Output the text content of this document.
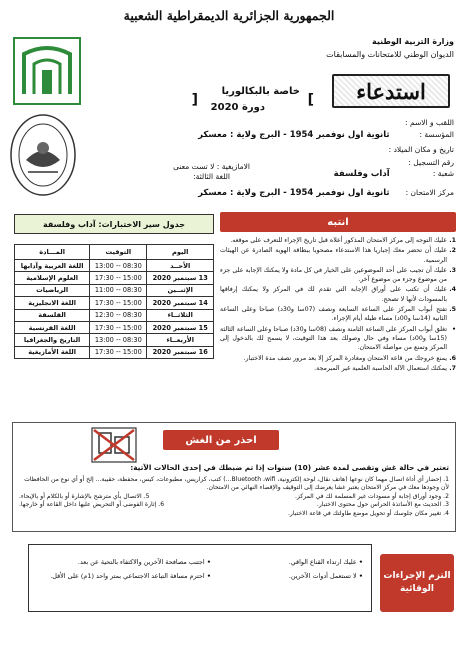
الجمهورية الجزائرية الديمقراطية الشعبية
وزارة التربية الوطنية
الديوان الوطني للامتحانات والمسابقات
استدعاء
]
خاصة بالبكالوريا
دورة 2020
[
اللقب و الاسم :
المؤسسة : ثانوية اول نوفمبر 1954 - البرج ولاية : معسكر
تاريخ و مكان الميلاد :
رقم التسجيل :
شعبة : آداب وفلسفة
الامازيغية : لا تست معنى
اللغة الثالثة:
مركز الامتحان : ثانوية اول نوفمبر 1954 - البرج ولاية : معسكر
جدول سير الاختبارات: آداب وفلسفة
اليوم	التوقيت	المـــادة
الأحــد	08:30 -- 13:00	اللغة العربية وآدابها
13 سبتمبر 2020	15:00 -- 17:30	العلوم الإسلامية
الإثنــين	08:30 -- 11:00	الرياضيات
14 سبتمبر 2020	15:00 -- 17:30	اللغة الانجليزية
الثلاثــاء	08:30 -- 12:30	الفلسفة
15 سبتمبر 2020	15:00 -- 17:30	اللغة الفرنسية
الأربعــاء	08:30 -- 13:00	التاريخ والجغرافيا
16 سبتمبر 2020	15:00 -- 17:30	اللغة الأمازيغية
انتبه
1.
عليك التوجه إلى مركز الامتحان المذكور أعلاه قبل تاريخ الإجراء للتعرف على موقعه.
2.
عليك أن تحضر معك إجباريا هذا الاستدعاء مصحوبا ببطاقة الهوية الصادرة عن الهيئات الرسمية.
3.
عليك أن تجيب على أحد الموضوعين على الخيار في كل مادة ولا يمكنك الإجابة على جزء من موضوع وجزء من موضوع آخر.
4.
عليك أن تكتب على أوراق الإجابة التي تقدم لك في المركز ولا يمكنك إرفاقها بالمسودات لأنها لا تصحح.
5.
تفتح أبواب المركز على الساعة السابعة ونصف (07سا و30د) صباحا وعلى الساعة الثانية (14سا و00د) مساء طيلة أيام الإجراء.
•
تغلق أبواب المركز على الساعة الثامنة ونصف (08سا و30د) صباحا وعلى الساعة الثالثة (15سا و00د) مساء وفي حال وصولك بعد هذا التوقيت، لا يسمح لك بالدخول إلى المركز وتمنع من مواصلة الامتحان.
6.
يمنع خروجك من قاعة الامتحان ومغادرة المركز إلا بعد مرور نصف مدة الاختبار.
7.
يمكنك استعمال الآلة الحاسبة العلمية غير المبرمجة.
احذر من الغش
تعتبر في حالة غش وتقصى لمدة عشر (10) سنوات إذا تم ضبطك في إحدى الحالات الآتية:
1. إحضار أي أداة اتصال مهما كان نوعها (هاتف نقال، لوحة إلكترونية، Bluetooth ،wifi...) كتب، كراريس، مطبوعات، كيس، محفظة، حقيبة... إلخ أو أي نوع من الحافظات لأن وجودها معك في مركز الامتحان يعتبر غشا يعرضك إلى التوقيف والإقصاء النهائي من الامتحان.
2. وجود أوراق إجابة أو مسودات غير المسلمة لك في المركز.
5. الاتصال بأي مترشح بالإشارة أو بالكلام أو بالإيحاء.
3. الحديث مع الأساتذة الحراس حول محتوى الاختبار.
6. إثارة الفوضى أو التحريض عليها داخل القاعة أو خارجها.
4. تغيير مكان جلوسك أو تحويل موضع طاولتك في قاعة الاختبار.
التزم الإجراءات الوقائية
• عليك ارتداء القناع الواقي.
• لا تستعمل أدوات الآخرين.
• اجتنب مصافحة الآخرين والاكتفاء بالتحية عن بعد.
• احترم مسافة التباعد الاجتماعي بمتر واحد (1م) على الأقل.
